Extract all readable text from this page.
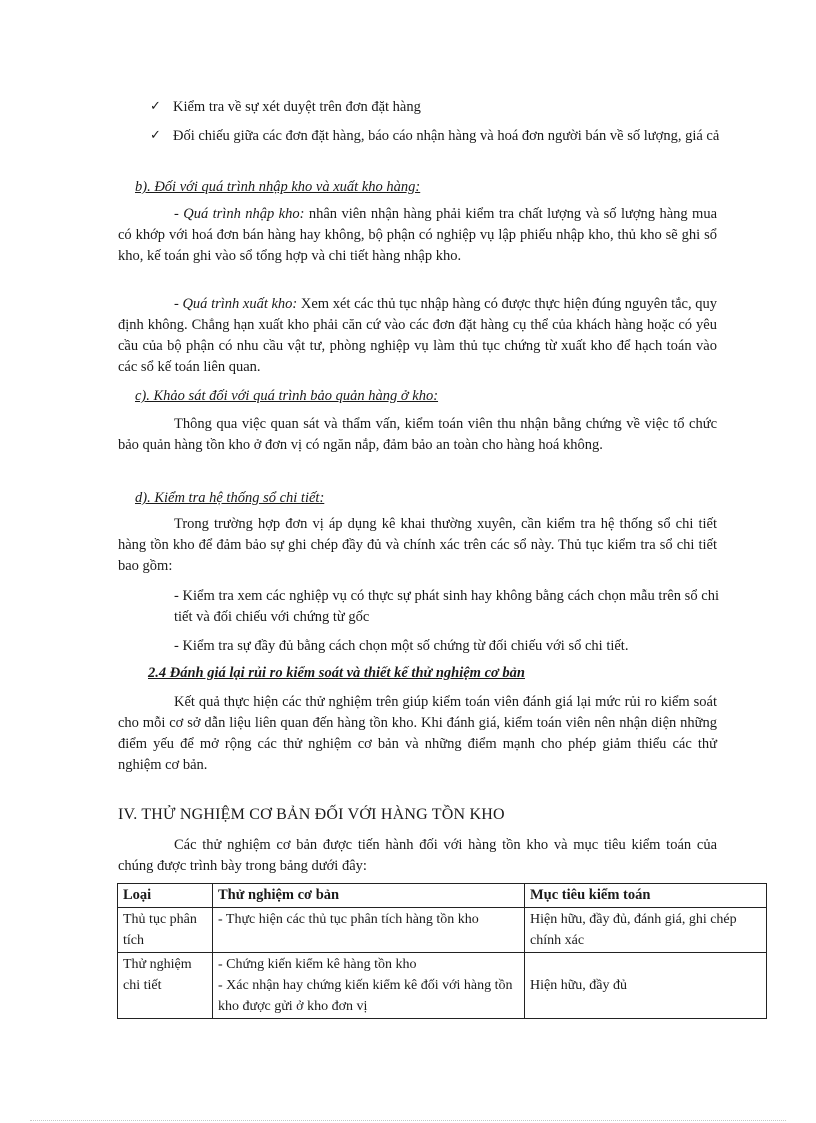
✓ Kiểm tra về sự xét duyệt trên đơn đặt hàng
✓ Đối chiếu giữa các đơn đặt hàng, báo cáo nhận hàng và hoá đơn người bán về số lượng, giá cả
b). Đối với quá trình nhập kho và xuất kho hàng:

- Quá trình nhập kho: nhân viên nhận hàng phải kiểm tra chất lượng và số lượng hàng mua có khớp với hoá đơn bán hàng hay không, bộ phận có nghiệp vụ lập phiếu nhập kho, thủ kho sẽ ghi sổ kho, kế toán ghi vào sổ tổng hợp và chi tiết hàng nhập kho.

- Quá trình xuất kho: Xem xét các thủ tục nhập hàng có được thực hiện đúng nguyên tắc, quy định không. Chẳng hạn xuất kho phải căn cứ vào các đơn đặt hàng cụ thể của khách hàng hoặc có yêu cầu của bộ phận có nhu cầu vật tư, phòng nghiệp vụ làm thủ tục chứng từ xuất kho để hạch toán vào các sổ kế toán liên quan.

c). Khảo sát đối với quá trình bảo quản hàng ở kho:

Thông qua việc quan sát và thẩm vấn, kiểm toán viên thu nhận bằng chứng về việc tổ chức bảo quản hàng tồn kho ở đơn vị có ngăn nắp, đảm bảo an toàn cho hàng hoá không.

d). Kiểm tra hệ thống sổ chi tiết:

Trong trường hợp đơn vị áp dụng kê khai thường xuyên, cần kiểm tra hệ thống sổ chi tiết hàng tồn kho để đảm bảo sự ghi chép đầy đủ và chính xác trên các sổ này. Thủ tục kiểm tra sổ chi tiết bao gồm:

- Kiểm tra xem các nghiệp vụ có thực sự phát sinh hay không bằng cách chọn mẫu trên sổ chi tiết và đối chiếu với chứng từ gốc

- Kiểm tra sự đầy đủ bằng cách chọn một số chứng từ đối chiếu với sổ chi tiết.

2.4 Đánh giá lại rủi ro kiểm soát và thiết kế thử nghiệm cơ bản

Kết quả thực hiện các thử nghiệm trên giúp kiểm toán viên đánh giá lại mức rủi ro kiểm soát cho mỗi cơ sở dẫn liệu liên quan đến hàng tồn kho. Khi đánh giá, kiểm toán viên nên nhận diện những điểm yếu để mở rộng các thử nghiệm cơ bản và những điểm mạnh cho phép giảm thiểu các thử nghiệm cơ bản.

IV. THỬ NGHIỆM CƠ BẢN ĐỐI VỚI HÀNG TỒN KHO

Các thử nghiệm cơ bản được tiến hành đối với hàng tồn kho và mục tiêu kiểm toán của chúng được trình bày trong bảng dưới đây:

Loại	Thử nghiệm cơ bản	Mục tiêu kiểm toán
Thủ tục phân tích	- Thực hiện các thủ tục phân tích hàng tồn kho	Hiện hữu, đầy đủ, đánh giá, ghi chép chính xác
Thử nghiệm chi tiết	- Chứng kiến kiểm kê hàng tồn kho
- Xác nhận hay chứng kiến kiểm kê đối với hàng tồn kho được gửi ở kho đơn vị	Hiện hữu, đầy đủ
